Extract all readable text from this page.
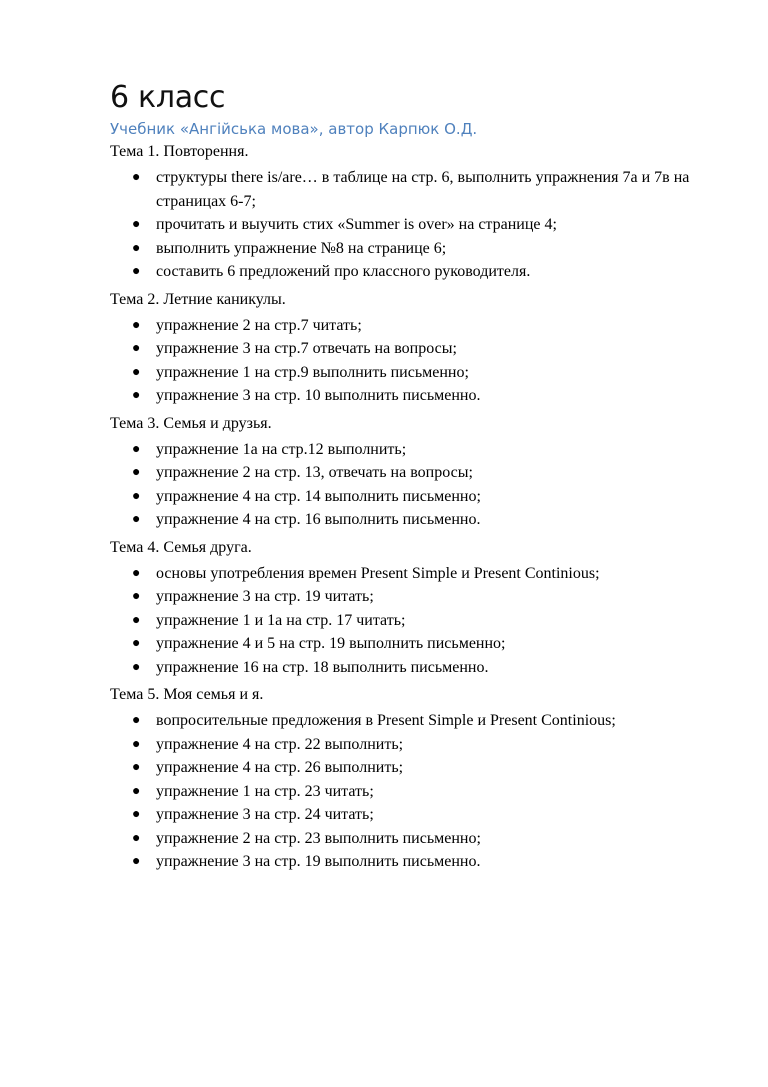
6 класс

Учебник «Ангійська мова», автор Карпюк О.Д.

Тема 1. Повторення.

● структуры there is/are… в таблице на стр. 6, выполнить упражнения 7а и 7в на страницах 6-7;
● прочитать и выучить стих «Summer is over» на странице 4;
● выполнить упражнение №8 на странице 6;
● составить 6 предложений про классного руководителя.

Тема 2. Летние каникулы.

● упражнение 2 на стр.7 читать;
● упражнение 3 на стр.7 отвечать на вопросы;
● упражнение 1 на стр.9 выполнить письменно;
● упражнение 3 на стр. 10 выполнить письменно.

Тема 3. Семья и друзья.

● упражнение 1а на стр.12 выполнить;
● упражнение 2 на стр. 13, отвечать на вопросы;
● упражнение 4 на стр. 14 выполнить письменно;
● упражнение 4 на стр. 16 выполнить письменно.

Тема 4. Семья друга.

● основы употребления времен Present Simple и Present Continious;
● упражнение 3 на стр. 19 читать;
● упражнение 1 и 1а на стр. 17 читать;
● упражнение 4 и 5 на стр. 19 выполнить письменно;
● упражнение 16 на стр. 18 выполнить письменно.

Тема 5. Моя семья и я.

● вопросительные предложения в Present Simple и Present Continious;
● упражнение 4 на стр. 22 выполнить;
● упражнение 4 на стр. 26 выполнить;
● упражнение 1 на стр. 23 читать;
● упражнение 3 на стр. 24 читать;
● упражнение 2 на стр. 23 выполнить письменно;
● упражнение 3 на стр. 19 выполнить письменно.
